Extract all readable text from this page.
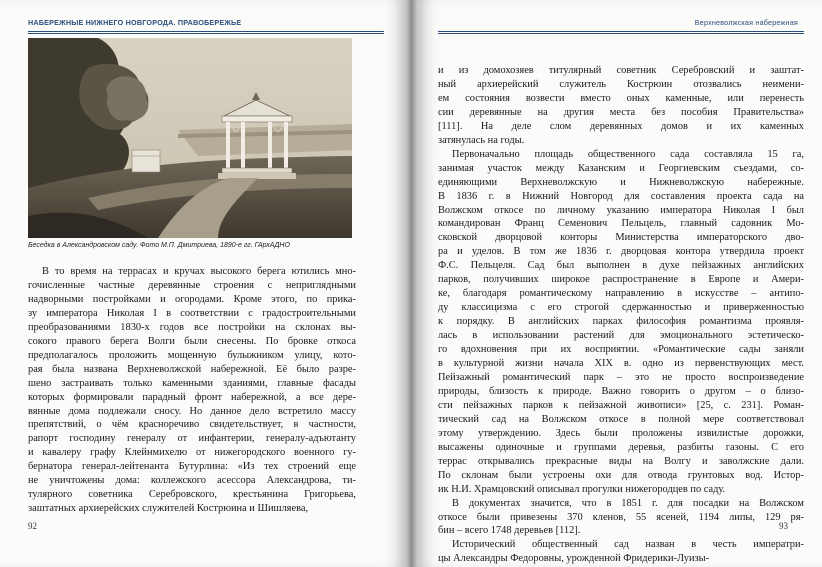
НАБЕРЕЖНЫЕ НИЖНЕГО НОВГОРОДА. ПРАВОБЕРЕЖЬЕ
Беседка в Александровском саду. Фото М.П. Дмитриева, 1890-е гг. ГАрхАДНО

В то время на террасах и кручах высокого берега ютились мно-

гочисленные частные деревянные строения с неприглядными

надворными постройками и огородами. Кроме этого, по прика-

зу императора Николая I в соответствии с градостроительными

преобразованиями 1830-х годов все постройки на склонах вы-

сокого правого берега Волги были снесены. По бровке откоса

предполагалось проложить мощенную булыжником улицу, кото-

рая была названа Верхневолжской набережной. Её было разре-

шено застраивать только каменными зданиями, главные фасады

которых формировали парадный фронт набережной, а все дере-

вянные дома подлежали сносу. Но данное дело встретило массу

препятствий, о чём красноречиво свидетельствует, в частности,

рапорт господину генералу от инфантерии, генералу-адъютанту

и кавалеру графу Клейнмихелю от нижегородского военного гу-

бернатора генерал-лейтенанта Бутурлина: «Из тех строений еще

не уничтожены дома: коллежского асессора Александрова, ти-

тулярного советника Серебровского, крестьянина Григорьева,

заштатных архиерейских служителей Кострюина и Шишляева,

92
Верхневолжская набережная

и из домохозяев титулярный советник Серебровский и заштат-

ный архиерейский служитель Кострюин отозвались неимени-

ем состояния возвести вместо оных каменные, или перенесть

сии деревянные на другия места без пособия Правительства»

[111]. На деле слом деревянных домов и их каменных

затянулась на годы.

Первоначально площадь общественного сада составляла 15 га,

занимая участок между Казанским и Георгиевским съездами, со-

единяющими Верхневолжскую и Нижневолжскую набережные.

В 1836 г. в Нижний Новгород для составления проекта сада на

Волжском откосе по личному указанию императора Николая I был

командирован Франц Семенович Пельцель, главный садовник Мо-

сковской дворцовой конторы Министерства императорского дво-

ра и уделов. В том же 1836 г. дворцовая контора утвердила проект

Ф.С. Пельцеля. Сад был выполнен в духе пейзажных английских

парков, получивших широкое распространение в Европе и Амери-

ке, благодаря романтическому направлению в искусстве – антипо-

ду классицизма с его строгой сдержанностью и приверженностью

к порядку. В английских парках философия романтизма проявля-

лась в использовании растений для эмоционального эстетическо-

го вдохновения при их восприятии. «Романтические сады заняли

в культурной жизни начала XIX в. одно из первенствующих мест.

Пейзажный романтический парк – это не просто воспроизведение

природы, близость к природе. Важно говорить о другом – о близо-

сти пейзажных парков к пейзажной живописи» [25, с. 231]. Роман-

тический сад на Волжском откосе в полной мере соответствовал

этому утверждению. Здесь были проложены извилистые дорожки,

высажены одиночные и группами деревья, разбиты газоны. С его

террас открывались прекрасные виды на Волгу и заволжские дали.

По склонам были устроены охи для отвода грунтовых вод. Истор-

ик Н.И. Храмцовский описывал прогулки нижегородцев по саду.

В документах значится, что в 1851 г. для посадки на Волжском

откосе были привезены 370 кленов, 55 ясеней, 1194 липы, 129 ря-

бин – всего 1748 деревьев [112].

Исторический общественный сад назван в честь императри-

цы Александры Федоровны, урожденной Фридерики-Луизы-

93
